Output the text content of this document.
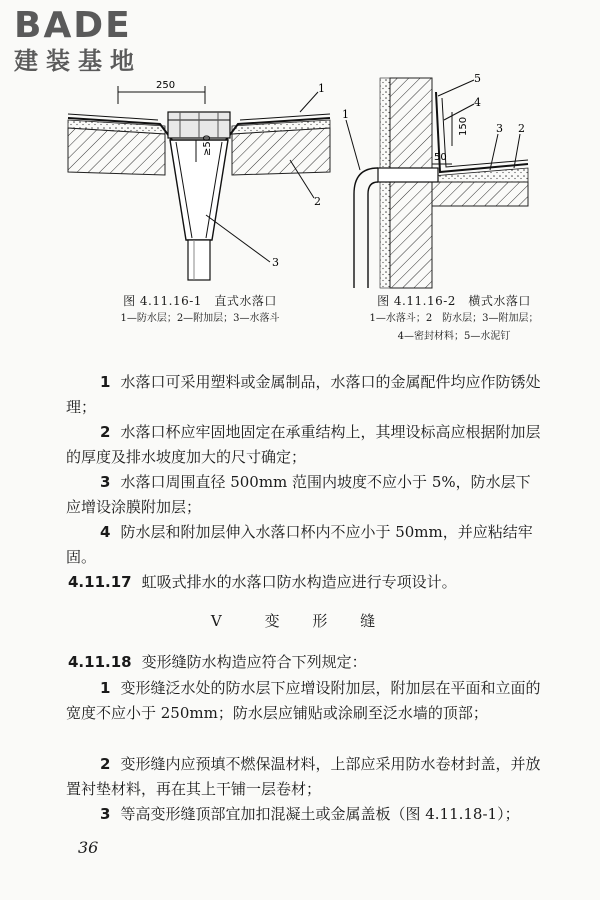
BADE
建装基地
250
≥50
1
2
3
50
150
1
2
3
4
5
图 4.11.16-1　直式水落口
1—防水层；2—附加层；3—水落斗
图 4.11.16-2　横式水落口
1—水落斗；2　防水层；3—附加层；
4—密封材料；5—水泥钉
1 水落口可采用塑料或金属制品，水落口的金属配件均应作防锈处理；
2 水落口杯应牢固地固定在承重结构上，其埋设标高应根据附加层的厚度及排水坡度加大的尺寸确定；
3 水落口周围直径 500mm 范围内坡度不应小于 5%，防水层下应增设涂膜附加层；
4 防水层和附加层伸入水落口杯内不应小于 50mm，并应粘结牢固。
4.11.17 虹吸式排水的水落口防水构造应进行专项设计。
V　变 形 缝
4.11.18 变形缝防水构造应符合下列规定：
1 变形缝泛水处的防水层下应增设附加层，附加层在平面和立面的宽度不应小于 250mm；防水层应铺贴或涂刷至泛水墙的顶部；
2 变形缝内应预填不燃保温材料，上部应采用防水卷材封盖，并放置衬垫材料，再在其上干铺一层卷材；
3 等高变形缝顶部宜加扣混凝土或金属盖板（图 4.11.18-1）；
36
